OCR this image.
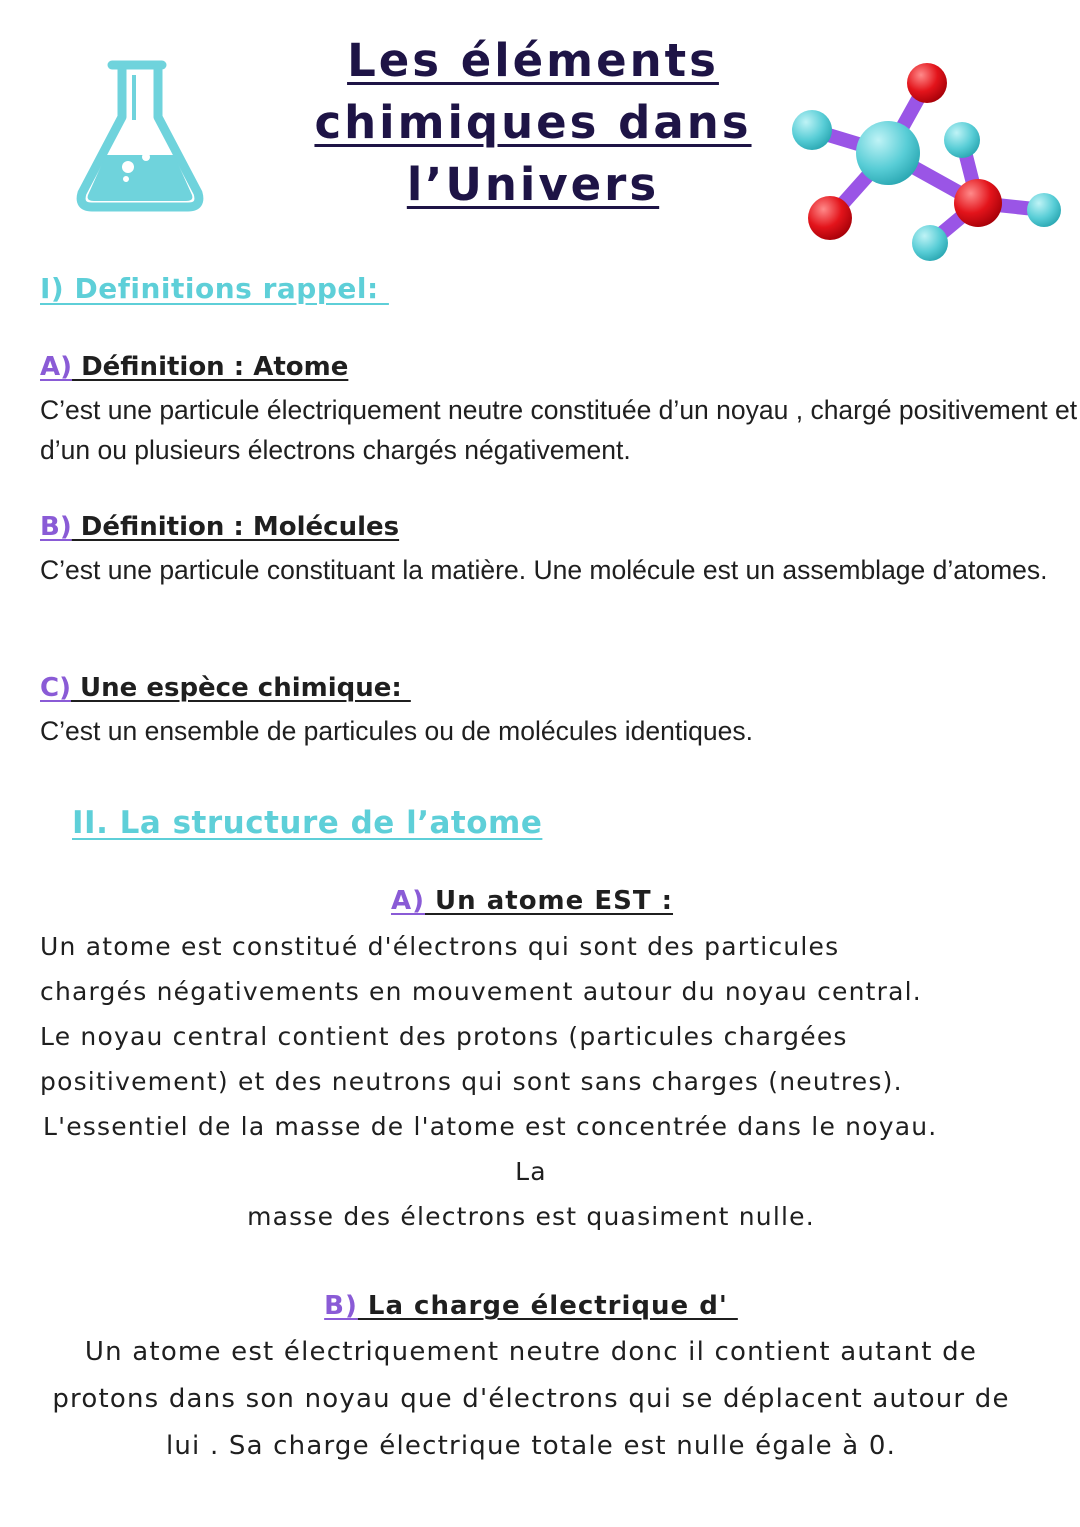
Les éléments
chimiques dans
l’Univers
I) Definitions rappel:
A) Définition : Atome
C’est une particule électriquement neutre constituée d’un noyau , chargé positivement et d’un ou plusieurs électrons chargés négativement.
B) Définition : Molécules
C’est une particule constituant la matière. Une molécule est un assemblage d’atomes.
C) Une espèce chimique:
C’est un ensemble de particules ou de molécules identiques.
II. La structure de l’atome
A) Un atome EST :
Un atome est constitué d'électrons qui sont des particules
chargés négativements en mouvement autour du noyau central.
Le noyau central contient des protons (particules chargées
positivement) et des neutrons qui sont sans charges (neutres).
L'essentiel de la masse de l'atome est concentrée dans le noyau.
La
masse des électrons est quasiment nulle.
B) La charge électrique d'
Un atome est électriquement neutre donc il contient autant de
protons dans son noyau que d'électrons qui se déplacent autour de
lui . Sa charge électrique totale est nulle égale à 0.
